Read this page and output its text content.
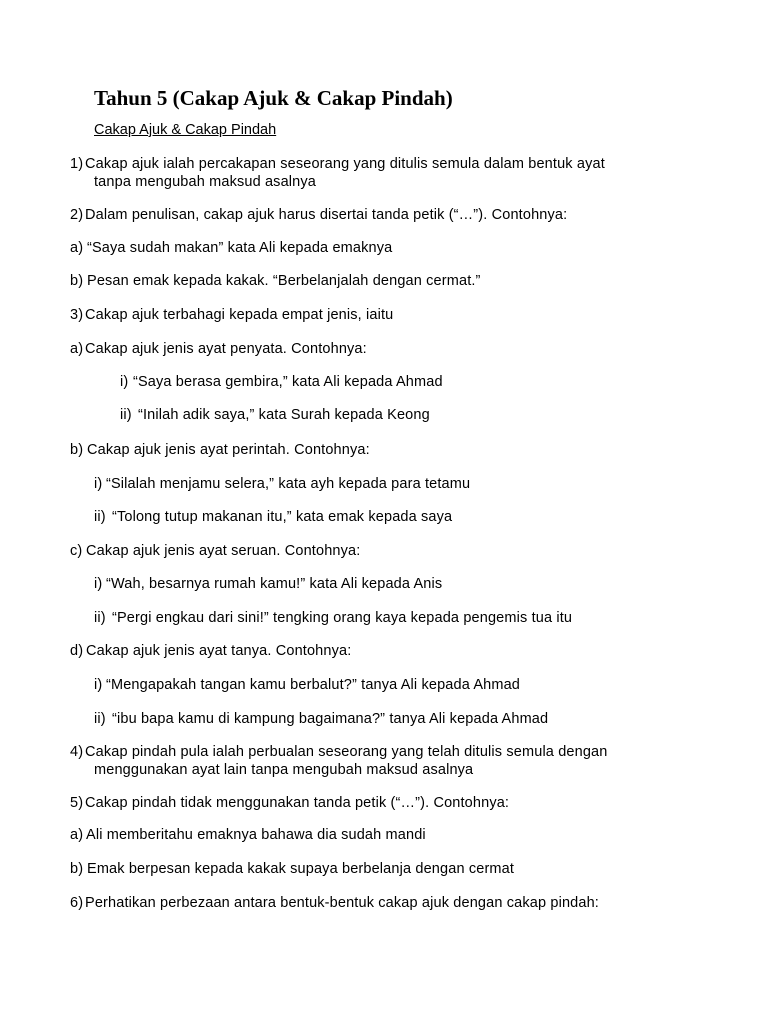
Tahun 5 (Cakap Ajuk & Cakap Pindah)
Cakap Ajuk & Cakap Pindah
1) Cakap ajuk ialah percakapan seseorang yang ditulis semula dalam bentuk ayat
tanpa mengubah maksud asalnya
2) Dalam penulisan, cakap ajuk harus disertai tanda petik (“…”). Contohnya:
a) “Saya sudah makan” kata Ali kepada emaknya
b) Pesan emak kepada kakak. “Berbelanjalah dengan cermat.”
3) Cakap ajuk terbahagi kepada empat jenis, iaitu
a) Cakap ajuk jenis ayat penyata. Contohnya:
i) “Saya berasa gembira,” kata Ali kepada Ahmad
ii) “Inilah adik saya,” kata Surah kepada Keong
b) Cakap ajuk jenis ayat perintah. Contohnya:
i) “Silalah menjamu selera,” kata ayh kepada para tetamu
ii) “Tolong tutup makanan itu,” kata emak kepada saya
c) Cakap ajuk jenis ayat seruan. Contohnya:
i) “Wah, besarnya rumah kamu!” kata Ali kepada Anis
ii) “Pergi engkau dari sini!” tengking orang kaya kepada pengemis tua itu
d) Cakap ajuk jenis ayat tanya. Contohnya:
i) “Mengapakah tangan kamu berbalut?” tanya Ali kepada Ahmad
ii) “ibu bapa kamu di kampung bagaimana?” tanya Ali kepada Ahmad
4) Cakap pindah pula ialah perbualan seseorang yang telah ditulis semula dengan
menggunakan ayat lain tanpa mengubah maksud asalnya
5) Cakap pindah tidak menggunakan tanda petik (“…”). Contohnya:
a) Ali memberitahu emaknya bahawa dia sudah mandi
b) Emak berpesan kepada kakak supaya berbelanja dengan cermat
6) Perhatikan perbezaan antara bentuk-bentuk cakap ajuk dengan cakap pindah:
